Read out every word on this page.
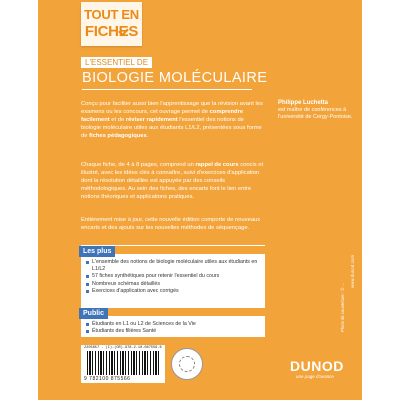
TOUT EN
FICHES
L'ESSENTIEL DE
BIOLOGIE MOLÉCULAIRE
Conçu pour faciliter aussi bien l'apprentissage que la révision avant les examens ou les concours, cet ouvrage permet de comprendre facilement et de réviser rapidement l'essentiel des notions de biologie moléculaire utiles aux étudiants L1/L2, présentées sous forme de fiches pédagogiques.
Chaque fiche, de 4 à 8 pages, comprend un rappel de cours concis et illustré, avec les idées clés à connaître, suivi d'exercices d'application dont la résolution détaillée est appuyée par des conseils méthodologiques. Au sein des fiches, des encarts font le lien entre notions théoriques et applications pratiques.
Entièrement mise à jour, cette nouvelle édition comporte de nouveaux encarts et des ajouts sur les nouvelles méthodes de séquençage.
Philippe Luchetta
est maître de conférences à l'université de Cergy-Pontoise.
Les plus
L'ensemble des notions de biologie moléculaire utiles aux étudiants en L1/L2
57 fiches synthétiques pour retenir l'essentiel du cours
Nombreux schémas détaillés
Exercices d'application avec corrigés
Public
Étudiants en L1 ou L2 de Sciences de la Vie
Étudiants des filières Santé
2205857 - (I)-(OR)-978-2-10-087556-6
9 782100 875566
DUNOD
une page d'avance
Photo de couverture : © ...
www.dunod.com
